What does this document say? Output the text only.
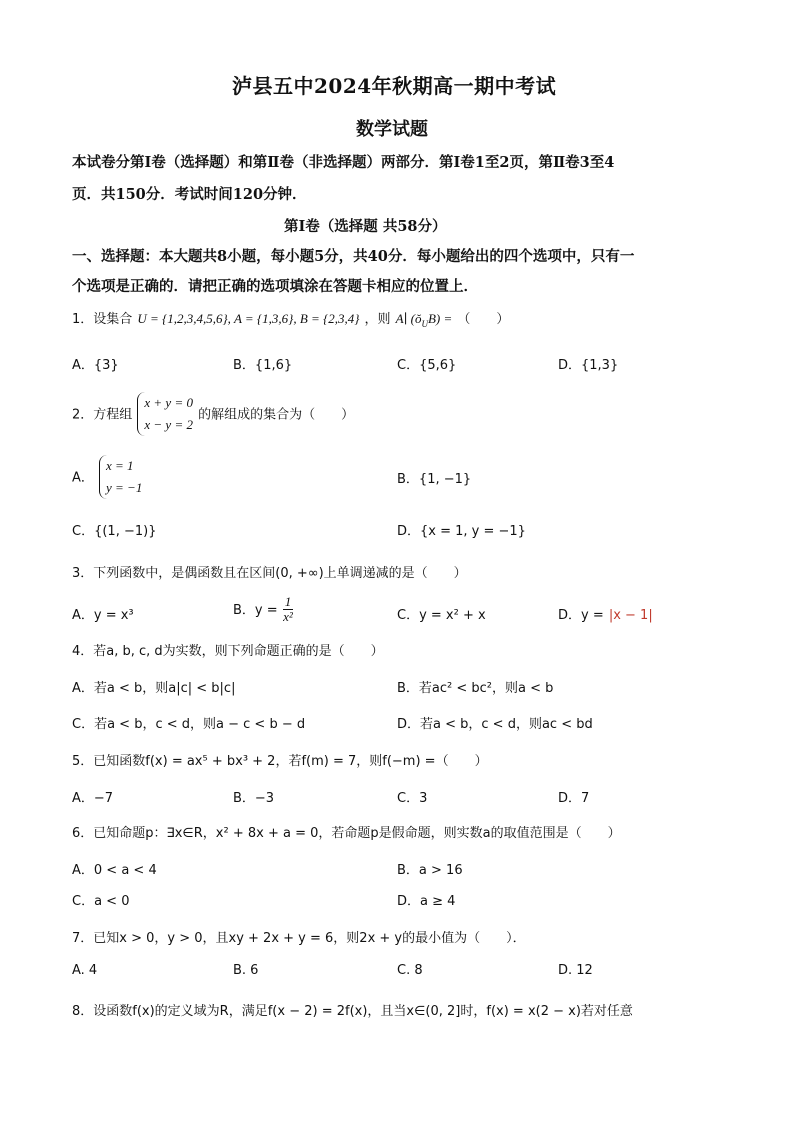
泸县五中2024年秋期高一期中考试
数学试题
本试卷分第Ⅰ卷（选择题）和第Ⅱ卷（非选择题）两部分．第Ⅰ卷1至2页，第Ⅱ卷3至4
页．共150分．考试时间120分钟．
第Ⅰ卷（选择题 共58分）
一、选择题：本大题共8小题，每小题5分，共40分．每小题给出的四个选项中，只有一
个选项是正确的．请把正确的选项填涂在答题卡相应的位置上．
1．设集合 U = {1,2,3,4,5,6}, A = {1,3,6}, B = {2,3,4} ，则 A∣ $(ŏ_UB)$ = （　　）
A．{3}	B．{1,6}	C．{5,6}	D．{1,3}
2．方程组
x + y = 0
x − y = 2
的解组成的集合为（　　）
A．
x = 1
y = −1
B．{1, −1}
C．{(1, −1)}	D．{x = 1, y = −1}
3．下列函数中，是偶函数且在区间(0, +∞)上单调递减的是（　　）
A．y = x³	B．$y = \frac{1}{\text{x²}}$	C．y = x² + x	D．y = |x − 1|
4．若a, b, c, d为实数，则下列命题正确的是（　　）
A．若a < b，则a|c| < b|c|	B．若ac² < bc²，则a < b
C．若a < b，c < d，则a − c < b − d	D．若a < b，c < d，则ac < bd
5．已知函数f(x) = ax⁵ + bx³ + 2，若f(m) = 7，则f(−m) =（　　）
A．−7	B．−3	C．3	D．7
6．已知命题p：∃x∈R，x² + 8x + a = 0，若命题p是假命题，则实数a的取值范围是（　　）
A．0 < a < 4	B．a > 16
C．a < 0	D．a ≥ 4
7．已知x > 0，y > 0，且xy + 2x + y = 6，则2x + y的最小值为（　　）．
A. 4	B. 6	C. 8	D. 12
8．设函数f(x)的定义域为R，满足f(x − 2) = 2f(x)，且当x∈(0, 2]时，f(x) = x(2 − x)若对任意
